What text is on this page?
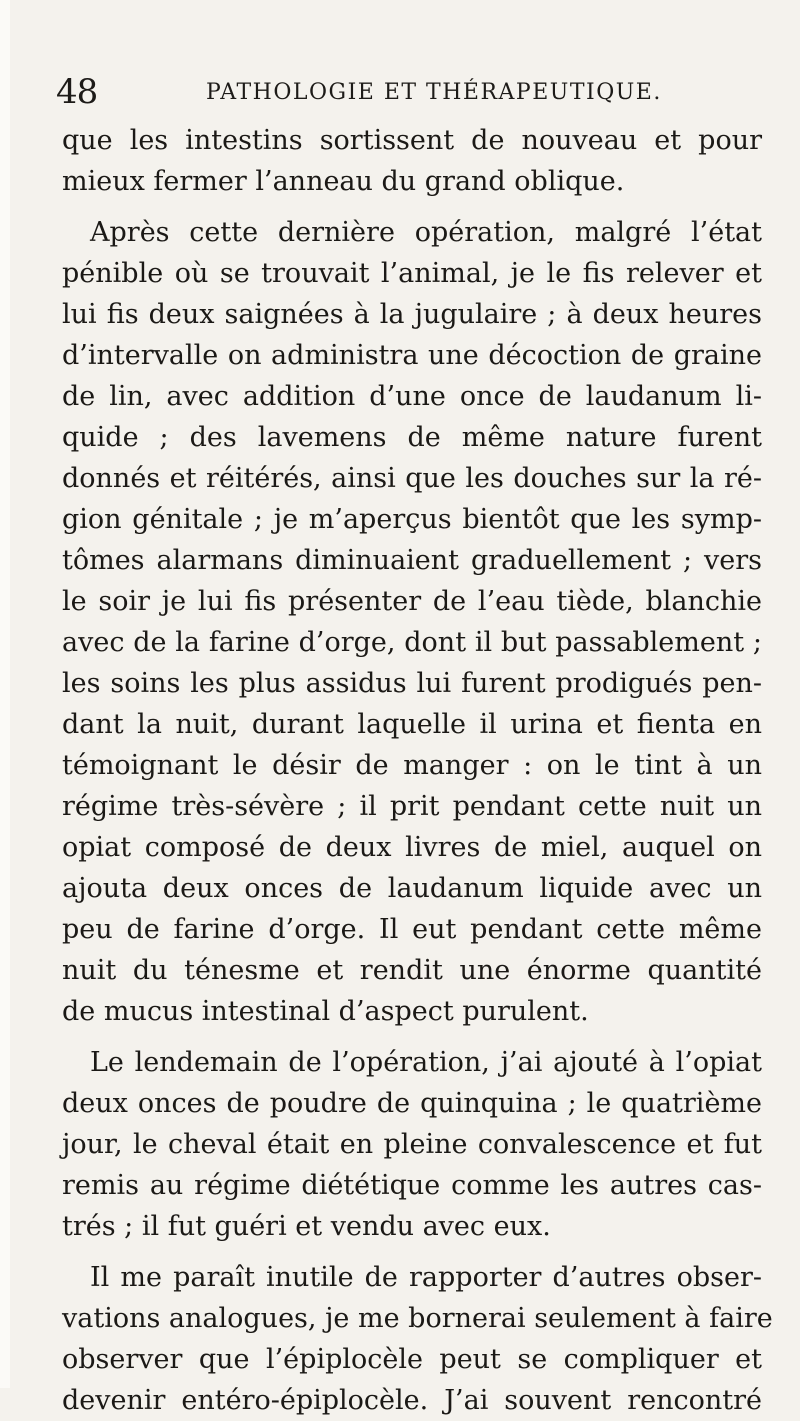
48	PATHOLOGIE ET THÉRAPEUTIQUE.
que les intestins sortissent de nouveau et pour
mieux fermer l’anneau du grand oblique.
Après cette dernière opération, malgré l’état
pénible où se trouvait l’animal, je le fis relever et
lui fis deux saignées à la jugulaire ; à deux heures
d’intervalle on administra une décoction de graine
de lin, avec addition d’une once de laudanum li-
quide ; des lavemens de même nature furent
donnés et réitérés, ainsi que les douches sur la ré-
gion génitale ; je m’aperçus bientôt que les symp-
tômes alarmans diminuaient graduellement ; vers
le soir je lui fis présenter de l’eau tiède, blanchie
avec de la farine d’orge, dont il but passablement ;
les soins les plus assidus lui furent prodigués pen-
dant la nuit, durant laquelle il urina et fienta en
témoignant le désir de manger : on le tint à un
régime très-sévère ; il prit pendant cette nuit un
opiat composé de deux livres de miel, auquel on
ajouta deux onces de laudanum liquide avec un
peu de farine d’orge. Il eut pendant cette même
nuit du ténesme et rendit une énorme quantité
de mucus intestinal d’aspect purulent.
Le lendemain de l’opération, j’ai ajouté à l’opiat
deux onces de poudre de quinquina ; le quatrième
jour, le cheval était en pleine convalescence et fut
remis au régime diététique comme les autres cas-
trés ; il fut guéri et vendu avec eux.
Il me paraît inutile de rapporter d’autres obser-
vations analogues, je me bornerai seulement à faire
observer que l’épiplocèle peut se compliquer et
devenir entéro-épiplocèle. J’ai souvent rencontré
